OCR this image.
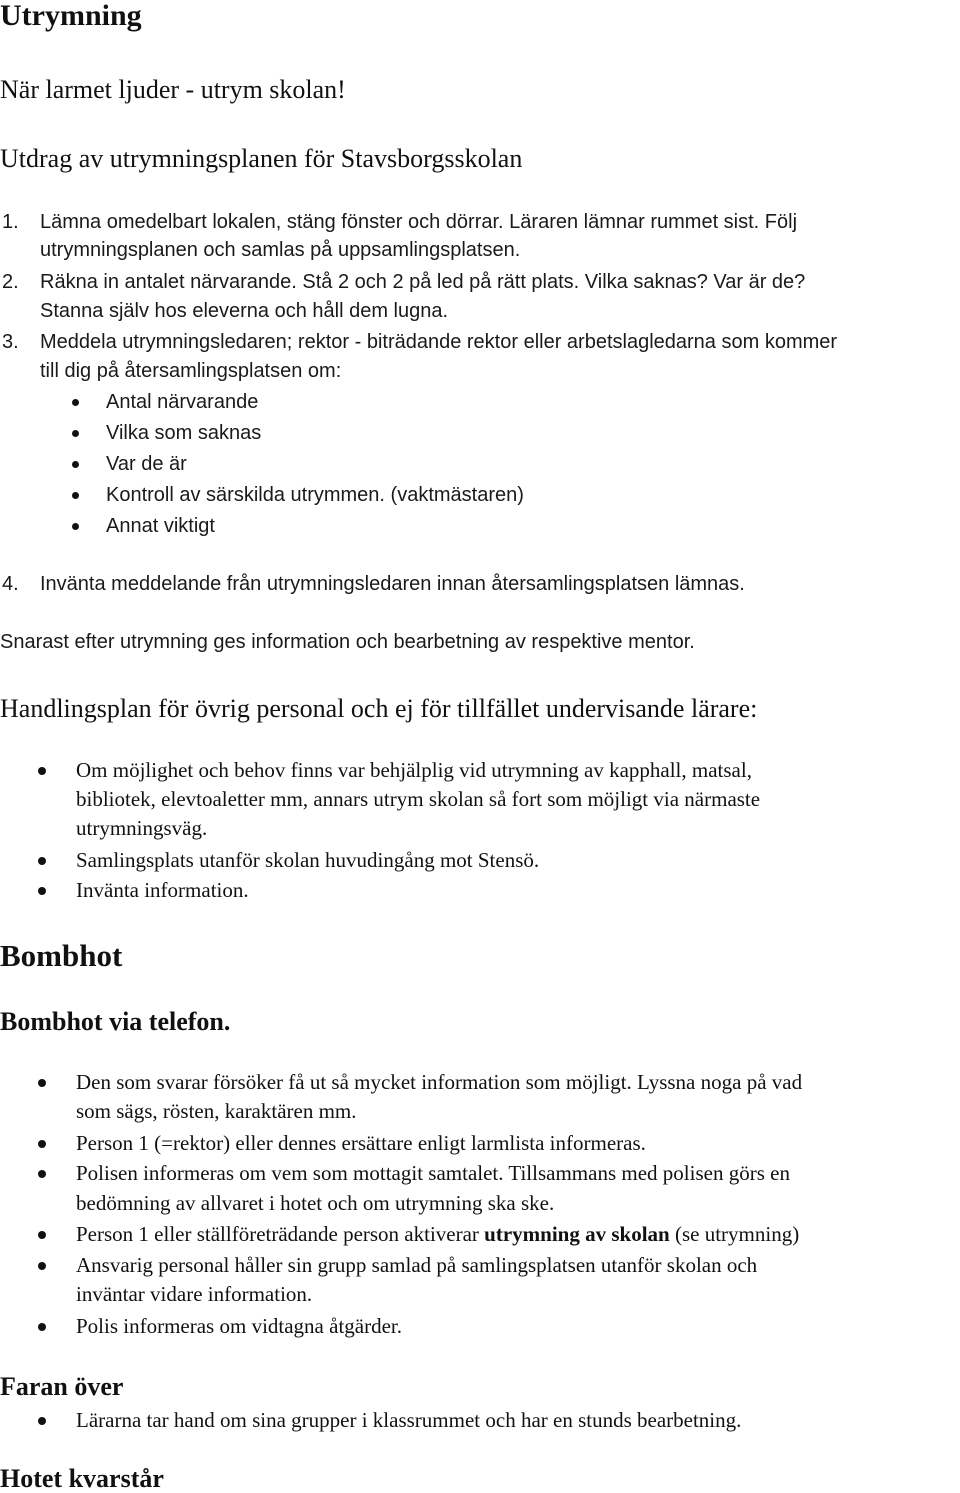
Utrymning
När larmet ljuder - utrym skolan!
Utdrag av utrymningsplanen för Stavsborgsskolan
1. Lämna omedelbart lokalen, stäng fönster och dörrar. Läraren lämnar rummet sist. Följ
utrymningsplanen och samlas på uppsamlingsplatsen.
2. Räkna in antalet närvarande. Stå 2 och 2 på led på rätt plats. Vilka saknas? Var är de?
Stanna själv hos eleverna och håll dem lugna.
3. Meddela utrymningsledaren; rektor - biträdande rektor eller arbetslagledarna som kommer
till dig på återsamlingsplatsen om:
Antal närvarande
Vilka som saknas
Var de är
Kontroll av särskilda utrymmen. (vaktmästaren)
Annat viktigt
4. Invänta meddelande från utrymningsledaren innan återsamlingsplatsen lämnas.
Snarast efter utrymning ges information och bearbetning av respektive mentor.
Handlingsplan för övrig personal och ej för tillfället undervisande lärare:
Om möjlighet och behov finns var behjälplig vid utrymning av kapphall, matsal,
bibliotek, elevtoaletter mm, annars utrym skolan så fort som möjligt via närmaste
utrymningsväg.
Samlingsplats utanför skolan huvudingång mot Stensö.
Invänta information.
Bombhot
Bombhot via telefon.
Den som svarar försöker få ut så mycket information som möjligt. Lyssna noga på vad
som sägs, rösten, karaktären mm.
Person 1 (=rektor) eller dennes ersättare enligt larmlista informeras.
Polisen informeras om vem som mottagit samtalet. Tillsammans med polisen görs en
bedömning av allvaret i hotet och om utrymning ska ske.
Person 1 eller ställföreträdande person aktiverar utrymning av skolan (se utrymning)
Ansvarig personal håller sin grupp samlad på samlingsplatsen utanför skolan och
inväntar vidare information.
Polis informeras om vidtagna åtgärder.
Faran över
Lärarna tar hand om sina grupper i klassrummet och har en stunds bearbetning.
Hotet kvarstår
